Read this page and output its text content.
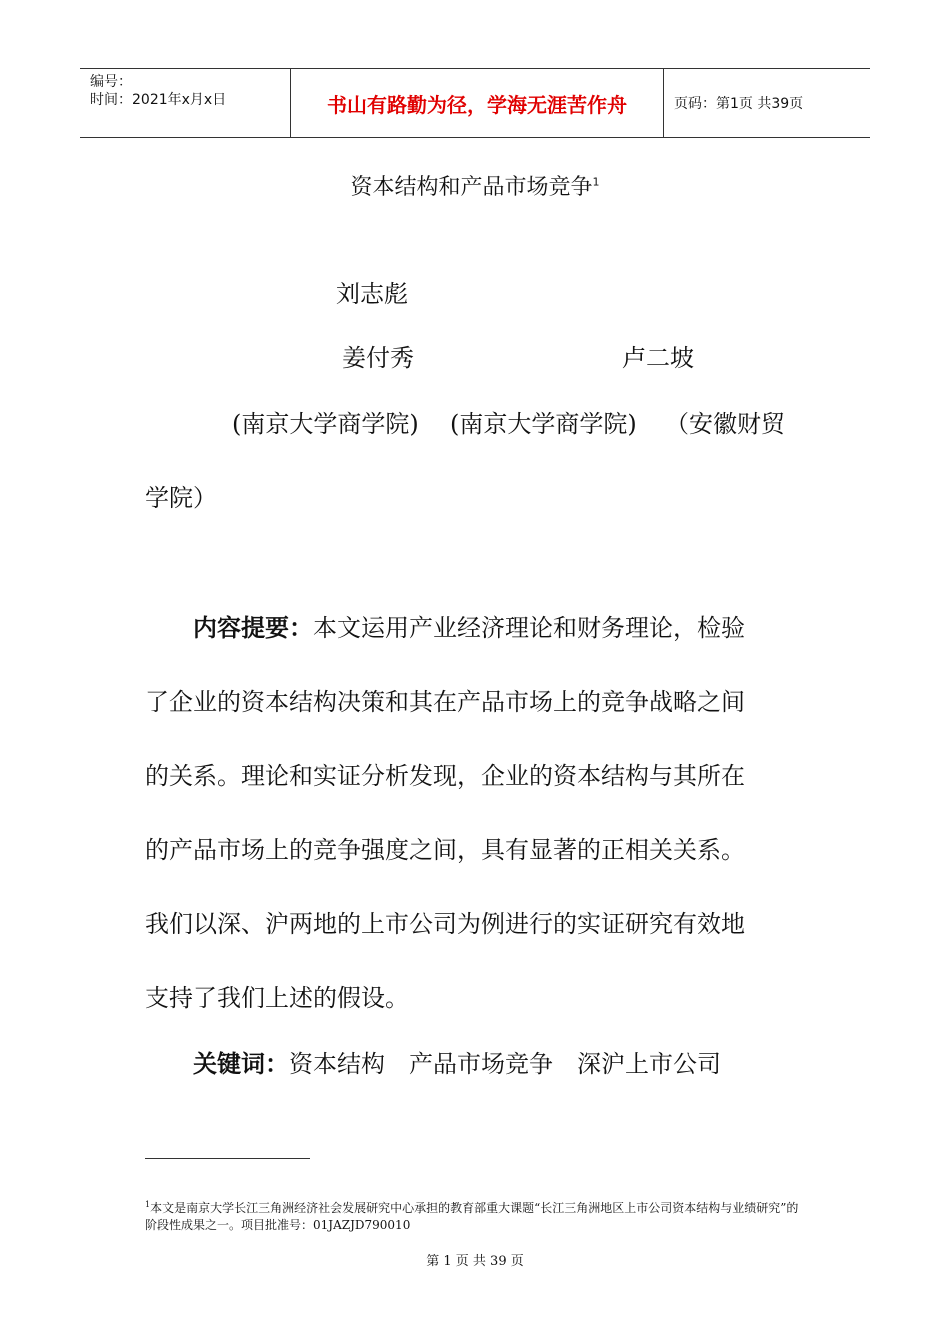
编号：
时间：2021年x月x日	书山有路勤为径，学海无涯苦作舟	页码：第1页 共39页
资本结构和产品市场竞争$^1$
刘志彪
姜付秀	卢二坡
(南京大学商学院) (南京大学商学院) （安徽财贸
学院）
内容提要：本文运用产业经济理论和财务理论，检验
了企业的资本结构决策和其在产品市场上的竞争战略之间
的关系。理论和实证分析发现，企业的资本结构与其所在
的产品市场上的竞争强度之间，具有显著的正相关关系。
我们以深、沪两地的上市公司为例进行的实证研究有效地
支持了我们上述的假设。
关键词：资本结构　产品市场竞争　深沪上市公司
$^1$本文是南京大学长江三角洲经济社会发展研究中心承担的教育部重大课题“长江三角洲地区上市公司资本结构与业绩研究”的阶段性成果之一。项目批准号：01JAZJD790010
第 1 页 共 39 页
